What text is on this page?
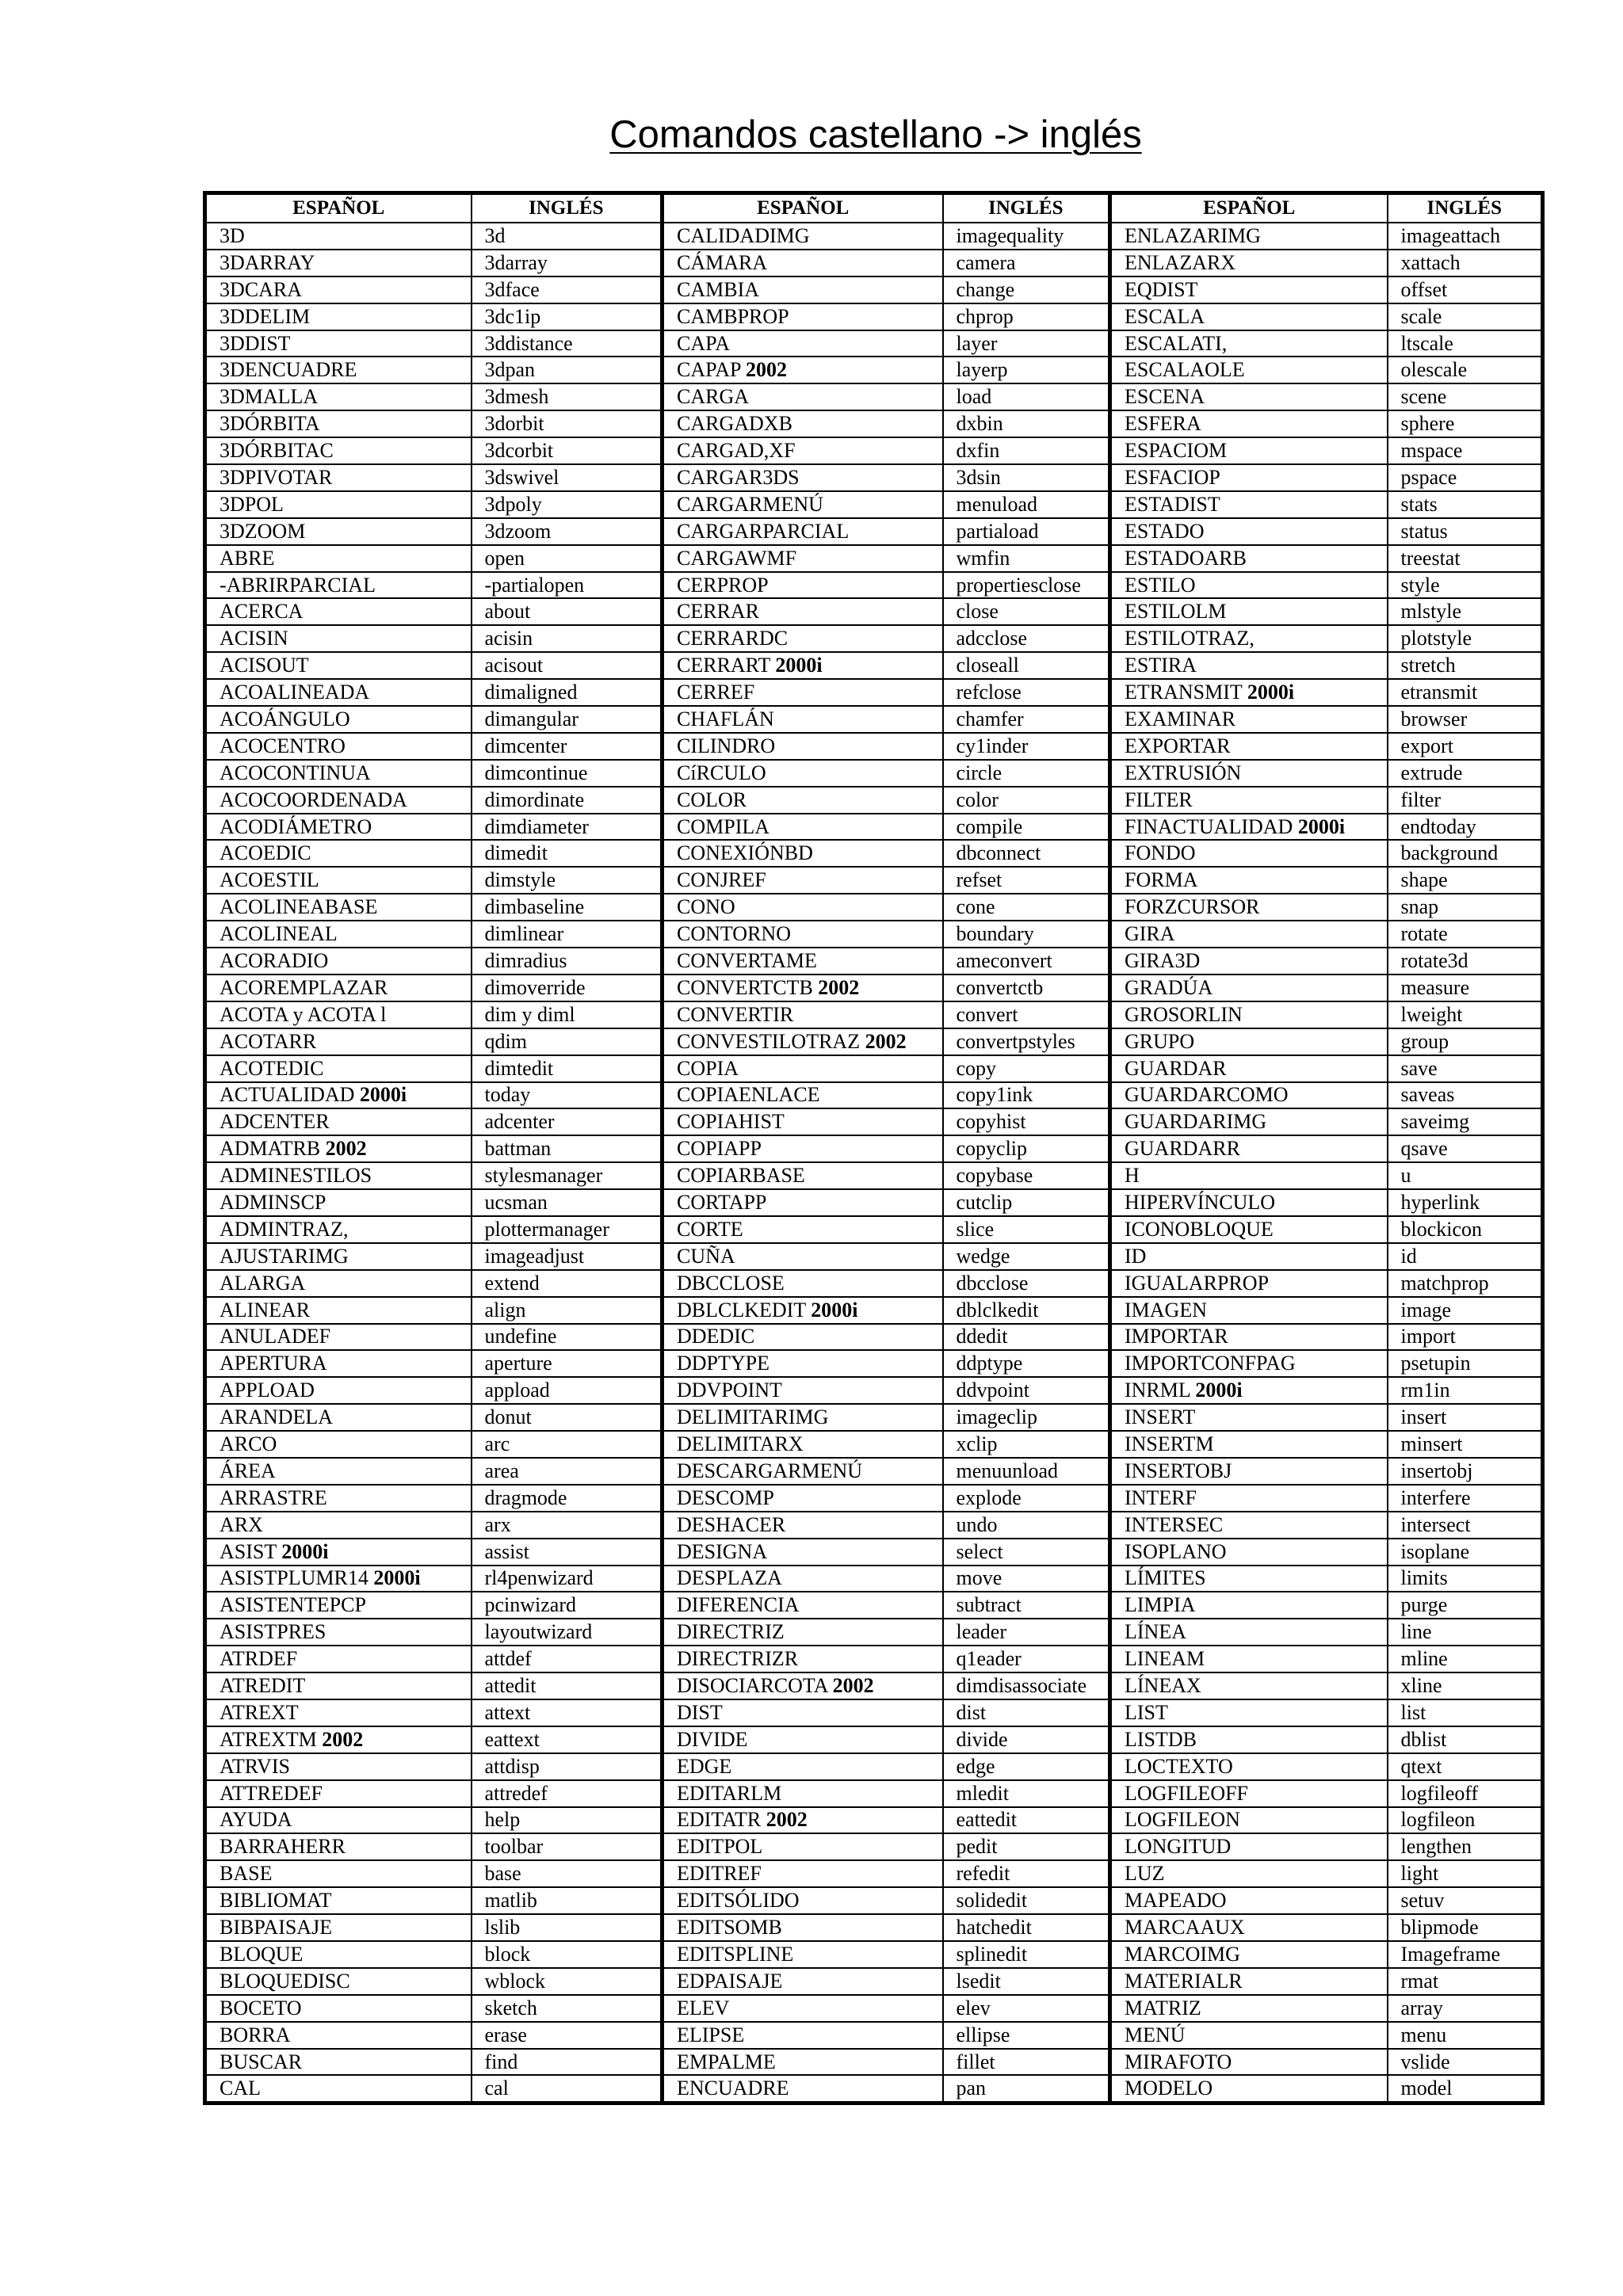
Comandos castellano -> inglés
ESPAÑOL	INGLÉS	ESPAÑOL	INGLÉS	ESPAÑOL	INGLÉS
3D	3d	CALIDADIMG	imagequality	ENLAZARIMG	imageattach
3DARRAY	3darray	CÁMARA	camera	ENLAZARX	xattach
3DCARA	3dface	CAMBIA	change	EQDIST	offset
3DDELIM	3dc1ip	CAMBPROP	chprop	ESCALA	scale
3DDIST	3ddistance	CAPA	layer	ESCALATI,	ltscale
3DENCUADRE	3dpan	CAPAP 2002	layerp	ESCALAOLE	olescale
3DMALLA	3dmesh	CARGA	load	ESCENA	scene
3DÓRBITA	3dorbit	CARGADXB	dxbin	ESFERA	sphere
3DÓRBITAC	3dcorbit	CARGAD,XF	dxfin	ESPACIOM	mspace
3DPIVOTAR	3dswivel	CARGAR3DS	3dsin	ESFACIOP	pspace
3DPOL	3dpoly	CARGARMENÚ	menuload	ESTADIST	stats
3DZOOM	3dzoom	CARGARPARCIAL	partiaload	ESTADO	status
ABRE	open	CARGAWMF	wmfin	ESTADOARB	treestat
-ABRIRPARCIAL	-partialopen	CERPROP	propertiesclose	ESTILO	style
ACERCA	about	CERRAR	close	ESTILOLM	mlstyle
ACISIN	acisin	CERRARDC	adcclose	ESTILOTRAZ,	plotstyle
ACISOUT	acisout	CERRART 2000i	closeall	ESTIRA	stretch
ACOALINEADA	dimaligned	CERREF	refclose	ETRANSMIT 2000i	etransmit
ACOÁNGULO	dimangular	CHAFLÁN	chamfer	EXAMINAR	browser
ACOCENTRO	dimcenter	CILINDRO	cy1inder	EXPORTAR	export
ACOCONTINUA	dimcontinue	CíRCULO	circle	EXTRUSIÓN	extrude
ACOCOORDENADA	dimordinate	COLOR	color	FILTER	filter
ACODIÁMETRO	dimdiameter	COMPILA	compile	FINACTUALIDAD 2000i	endtoday
ACOEDIC	dimedit	CONEXIÓNBD	dbconnect	FONDO	background
ACOESTIL	dimstyle	CONJREF	refset	FORMA	shape
ACOLINEABASE	dimbaseline	CONO	cone	FORZCURSOR	snap
ACOLINEAL	dimlinear	CONTORNO	boundary	GIRA	rotate
ACORADIO	dimradius	CONVERTAME	ameconvert	GIRA3D	rotate3d
ACOREMPLAZAR	dimoverride	CONVERTCTB 2002	convertctb	GRADÚA	measure
ACOTA y ACOTA l	dim y diml	CONVERTIR	convert	GROSORLIN	lweight
ACOTARR	qdim	CONVESTILOTRAZ 2002	convertpstyles	GRUPO	group
ACOTEDIC	dimtedit	COPIA	copy	GUARDAR	save
ACTUALIDAD 2000i	today	COPIAENLACE	copy1ink	GUARDARCOMO	saveas
ADCENTER	adcenter	COPIAHIST	copyhist	GUARDARIMG	saveimg
ADMATRB 2002	battman	COPIAPP	copyclip	GUARDARR	qsave
ADMINESTILOS	stylesmanager	COPIARBASE	copybase	H	u
ADMINSCP	ucsman	CORTAPP	cutclip	HIPERVÍNCULO	hyperlink
ADMINTRAZ,	plottermanager	CORTE	slice	ICONOBLOQUE	blockicon
AJUSTARIMG	imageadjust	CUÑA	wedge	ID	id
ALARGA	extend	DBCCLOSE	dbcclose	IGUALARPROP	matchprop
ALINEAR	align	DBLCLKEDIT 2000i	dblclkedit	IMAGEN	image
ANULADEF	undefine	DDEDIC	ddedit	IMPORTAR	import
APERTURA	aperture	DDPTYPE	ddptype	IMPORTCONFPAG	psetupin
APPLOAD	appload	DDVPOINT	ddvpoint	INRML 2000i	rm1in
ARANDELA	donut	DELIMITARIMG	imageclip	INSERT	insert
ARCO	arc	DELIMITARX	xclip	INSERTM	minsert
ÁREA	area	DESCARGARMENÚ	menuunload	INSERTOBJ	insertobj
ARRASTRE	dragmode	DESCOMP	explode	INTERF	interfere
ARX	arx	DESHACER	undo	INTERSEC	intersect
ASIST 2000i	assist	DESIGNA	select	ISOPLANO	isoplane
ASISTPLUMR14 2000i	rl4penwizard	DESPLAZA	move	LÍMITES	limits
ASISTENTEPCP	pcinwizard	DIFERENCIA	subtract	LIMPIA	purge
ASISTPRES	layoutwizard	DIRECTRIZ	leader	LÍNEA	line
ATRDEF	attdef	DIRECTRIZR	q1eader	LINEAM	mline
ATREDIT	attedit	DISOCIARCOTA 2002	dimdisassociate	LÍNEAX	xline
ATREXT	attext	DIST	dist	LIST	list
ATREXTM 2002	eattext	DIVIDE	divide	LISTDB	dblist
ATRVIS	attdisp	EDGE	edge	LOCTEXTO	qtext
ATTREDEF	attredef	EDITARLM	mledit	LOGFILEOFF	logfileoff
AYUDA	help	EDITATR 2002	eattedit	LOGFILEON	logfileon
BARRAHERR	toolbar	EDITPOL	pedit	LONGITUD	lengthen
BASE	base	EDITREF	refedit	LUZ	light
BIBLIOMAT	matlib	EDITSÓLIDO	solidedit	MAPEADO	setuv
BIBPAISAJE	lslib	EDITSOMB	hatchedit	MARCAAUX	blipmode
BLOQUE	block	EDITSPLINE	splinedit	MARCOIMG	Imageframe
BLOQUEDISC	wblock	EDPAISAJE	lsedit	MATERIALR	rmat
BOCETO	sketch	ELEV	elev	MATRIZ	array
BORRA	erase	ELIPSE	ellipse	MENÚ	menu
BUSCAR	find	EMPALME	fillet	MIRAFOTO	vslide
CAL	cal	ENCUADRE	pan	MODELO	model
